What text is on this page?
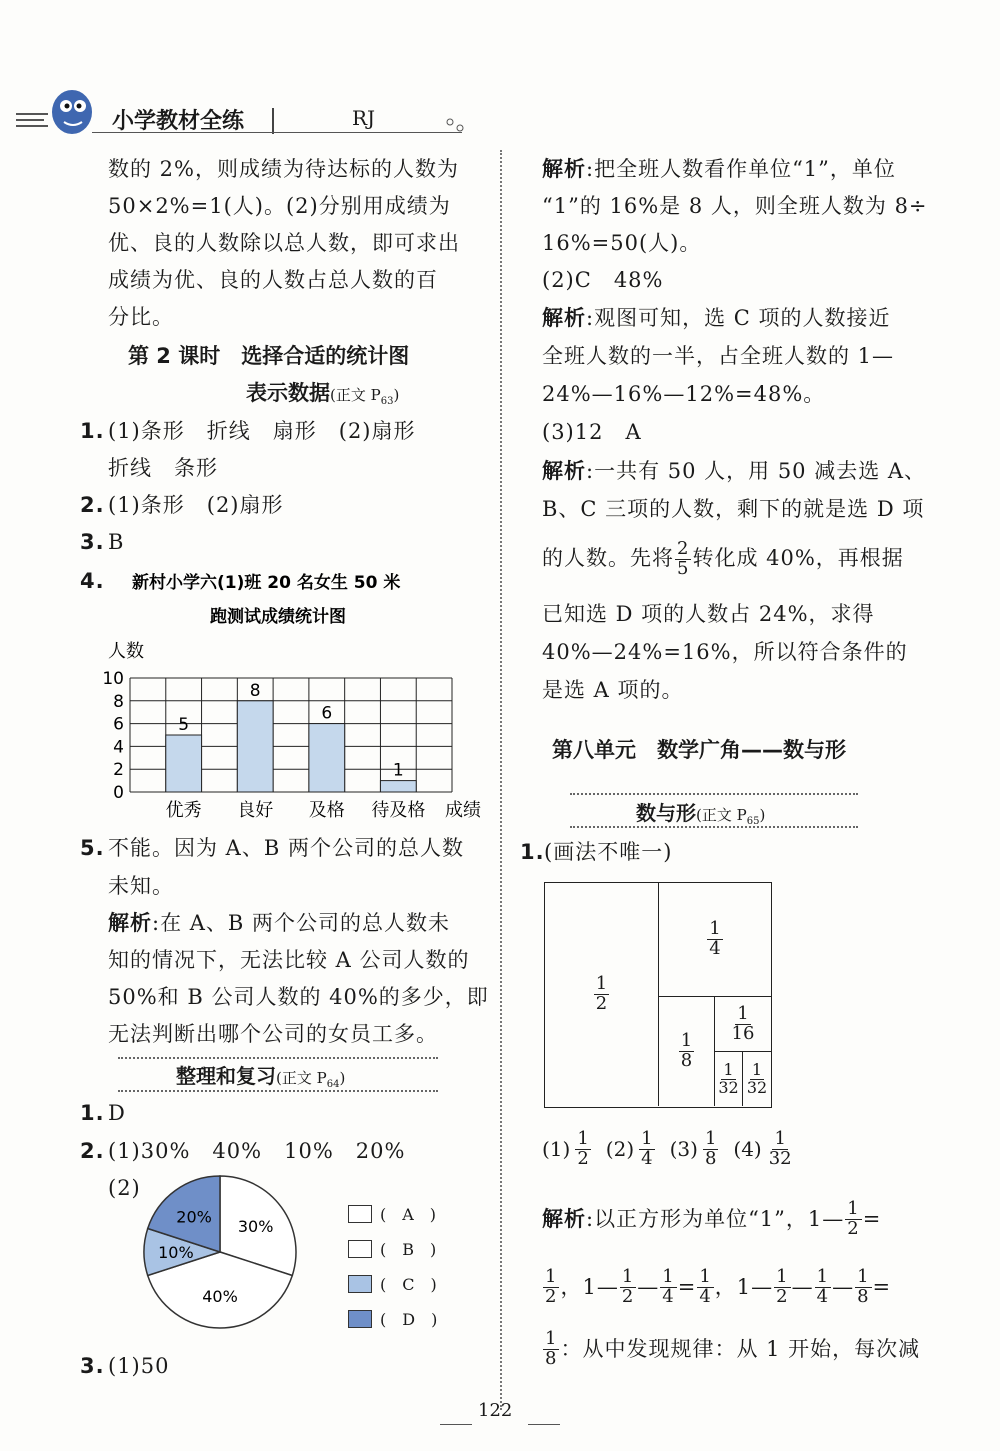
小学教材全练	RJ
数的 2%，则成绩为待达标的人数为
50×2%=1(人)。(2)分别用成绩为
优、良的人数除以总人数，即可求出
成绩为优、良的人数占总人数的百
分比。
第 2 课时　选择合适的统计图
表示数据(正文 $P_{63}$)
1. (1)条形　折线　扇形　(2)扇形
折线　条形
2. (1)条形　(2)扇形
3. B
4. 新村小学六(1)班 20 名女生 50 米
跑测试成绩统计图
人数
成绩
5
8
6
1
0
2
4
6
8
10
优秀 良好 及格 待及格
5. 不能。因为 A、B 两个公司的总人数
未知。
解析:在 A、B 两个公司的总人数未
知的情况下，无法比较 A 公司人数的
50%和 B 公司人数的 40%的多少，即
无法判断出哪个公司的女员工多。
整理和复习(正文 $P_{64}$)
1. D
2. (1)30%　40%　10%　20%
(2)
30%
40%
10%
20%	(　A　)
(　B　)
(　C　)
(　D　)
3. (1)50
解析:把全班人数看作单位“1”，单位
“1”的 16%是 8 人，则全班人数为 8÷
16%=50(人)。
(2)C　48%
解析:观图可知，选 C 项的人数接近
全班人数的一半，占全班人数的 1—
24%—16%—12%=48%。
(3)12　A
解析:一共有 50 人，用 50 减去选 A、
B、C 三项的人数，剩下的就是选 D 项
的人数。先将 $\frac{2}{5}$ 转化成 40%，再根据
已知选 D 项的人数占 24%，求得
40%—24%=16%，所以符合条件的
是选 A 项的。
第八单元　数学广角——数与形
数与形(正文 $P_{65}$)
1. (画法不唯一)
$\frac{1}{2}$
$\frac{1}{4}$
$\frac{1}{8}$
$\frac{1}{16}$
$\frac{1}{32} \frac{1}{32}$
$(1) \frac{1}{2} (2) \frac{1}{4} (3) \frac{1}{8} (4) \frac{1}{32}$
解析 :以正方形为单位“1”，1— $\frac{1}{2}$ =
$\frac{1}{2}$ ， 1— $\frac{1}{2}$ — $\frac{1}{4} = \frac{1}{4}$ ， 1— $\frac{1}{2}$ — $\frac{1}{4}$ — $\frac{1}{8}$ =
$\frac{1}{8}$ ：从中发现规律：从 1 开始，每次减
122
